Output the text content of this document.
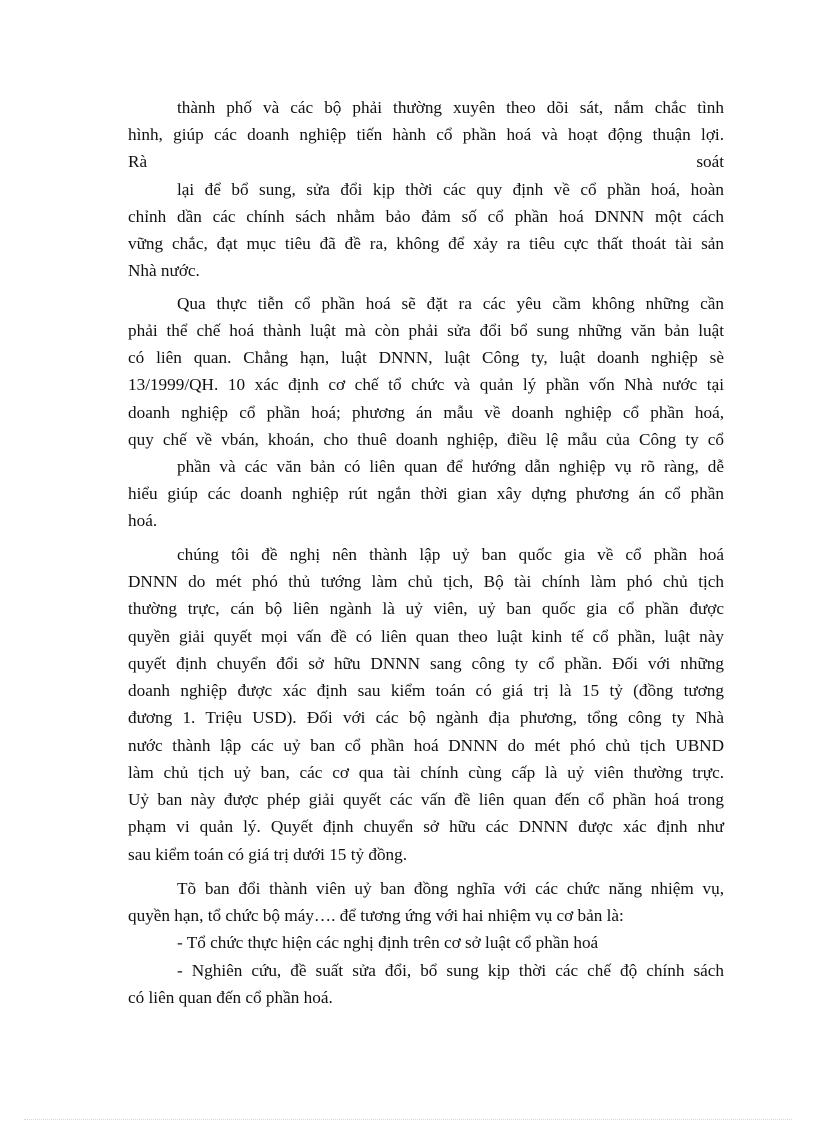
thành phố và các bộ phải thường xuyên theo dõi sát, nắm chắc tình
hình, giúp các doanh nghiệp tiến hành cổ phần hoá và hoạt động thuận lợi.
Rà	soát
lại để bổ sung, sửa đổi kịp thời các quy định về cổ phần hoá, hoàn
chỉnh dần các chính sách nhằm bảo đảm số cổ phần hoá DNNN một cách
vững chắc, đạt mục tiêu đã đề ra, không để xảy ra tiêu cực thất thoát tài sản
Nhà nước.
Qua thực tiễn cổ phần hoá sẽ đặt ra các yêu cầm không những cần
phải thể chế hoá thành luật mà còn phải sửa đổi bổ sung những văn bản luật
có liên quan. Chẳng hạn, luật DNNN, luật Công ty, luật doanh nghiệp sè
13/1999/QH. 10 xác định cơ chế tổ chức và quản lý phần vốn Nhà nước tại
doanh nghiệp cổ phần hoá; phương án mẫu về doanh nghiệp cổ phần hoá,
quy chế về vbán, khoán, cho thuê doanh nghiệp, điều lệ mẫu của Công ty cổ
phần và các văn bản có liên quan để hướng dẫn nghiệp vụ rõ ràng, dễ
hiểu giúp các doanh nghiệp rút ngắn thời gian xây dựng phương án cổ phần
hoá.
chúng tôi đề nghị nên thành lập uỷ ban quốc gia về cổ phần hoá
DNNN do mét phó thủ tướng làm chủ tịch, Bộ tài chính làm phó chủ tịch
thường trực, cán bộ liên ngành là uỷ viên, uỷ ban quốc gia cổ phần được
quyền giải quyết mọi vấn đề có liên quan theo luật kinh tế cổ phần, luật này
quyết định chuyển đổi sở hữu DNNN sang công ty cổ phần. Đối với những
doanh nghiệp được xác định sau kiểm toán có giá trị là 15 tỷ (đồng tương
đương 1. Triệu USD). Đối với các bộ ngành địa phương, tổng công ty Nhà
nước thành lập các uỷ ban cổ phần hoá DNNN do mét phó chủ tịch UBND
làm chủ tịch uỷ ban, các cơ qua tài chính cùng cấp là uỷ viên thường trực.
Uỷ ban này được phép giải quyết các vấn đề liên quan đến cổ phần hoá trong
phạm vi quản lý. Quyết định chuyển sở hữu các DNNN được xác định như
sau kiểm toán có giá trị dưới 15 tỷ đồng.
Tõ ban đổi thành viên uỷ ban đồng nghĩa với các chức năng nhiệm vụ,
quyền hạn, tổ chức bộ máy…. để tương ứng với hai nhiệm vụ cơ bản là:
- Tổ chức thực hiện các nghị định trên cơ sở luật cổ phần hoá
- Nghiên cứu, đề suất sửa đổi, bổ sung kịp thời các chế độ chính sách
có liên quan đến cổ phần hoá.
